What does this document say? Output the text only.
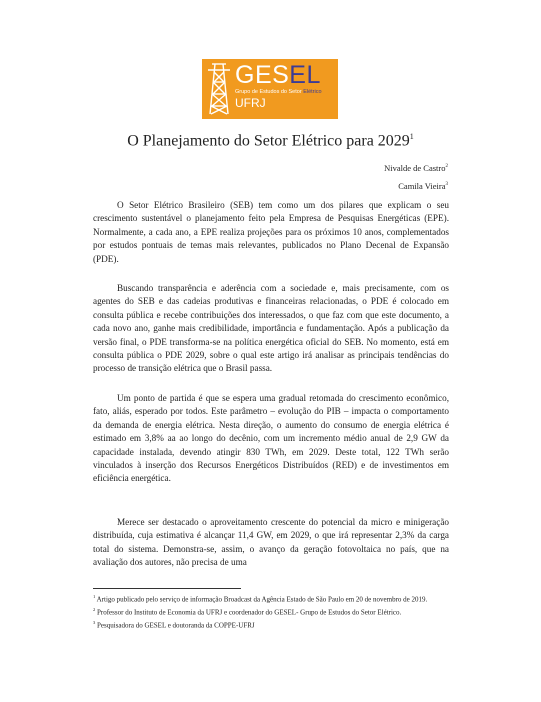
GESEL
Grupo de Estudos do Setor Elétrico
UFRJ
O Planejamento do Setor Elétrico para 2029$^1$
Nivalde de Castro$^2$
Camila Vieira$^3$

O Setor Elétrico Brasileiro (SEB) tem como um dos pilares que explicam o seu crescimento sustentável o planejamento feito pela Empresa de Pesquisas Energéticas (EPE). Normalmente, a cada ano, a EPE realiza projeções para os próximos 10 anos, complementados por estudos pontuais de temas mais relevantes, publicados no Plano Decenal de Expansão (PDE).

Buscando transparência e aderência com a sociedade e, mais precisamente, com os agentes do SEB e das cadeias produtivas e financeiras relacionadas, o PDE é colocado em consulta pública e recebe contribuições dos interessados, o que faz com que este documento, a cada novo ano, ganhe mais credibilidade, importância e fundamentação. Após a publicação da versão final, o PDE transforma-se na política energética oficial do SEB. No momento, está em consulta pública o PDE 2029, sobre o qual este artigo irá analisar as principais tendências do processo de transição elétrica que o Brasil passa.

Um ponto de partida é que se espera uma gradual retomada do crescimento econômico, fato, aliás, esperado por todos. Este parâmetro – evolução do PIB – impacta o comportamento da demanda de energia elétrica. Nesta direção, o aumento do consumo de energia elétrica é estimado em 3,8% aa ao longo do decênio, com um incremento médio anual de 2,9 GW da capacidade instalada, devendo atingir 830 TWh, em 2029. Deste total, 122 TWh serão vinculados à inserção dos Recursos Energéticos Distribuídos (RED) e de investimentos em eficiência energética.

Merece ser destacado o aproveitamento crescente do potencial da micro e minigeração distribuída, cuja estimativa é alcançar 11,4 GW, em 2029, o que irá representar 2,3% da carga total do sistema. Demonstra-se, assim, o avanço da geração fotovoltaica no país, que na avaliação dos autores, não precisa de uma

$^1$ Artigo publicado pelo serviço de informação Broadcast da Agência Estado de São Paulo em 20 de novembro de 2019.

$^2$ Professor do Instituto de Economia da UFRJ e coordenador do GESEL- Grupo de Estudos do Setor Elétrico.

$^3$ Pesquisadora do GESEL e doutoranda da COPPE-UFRJ
